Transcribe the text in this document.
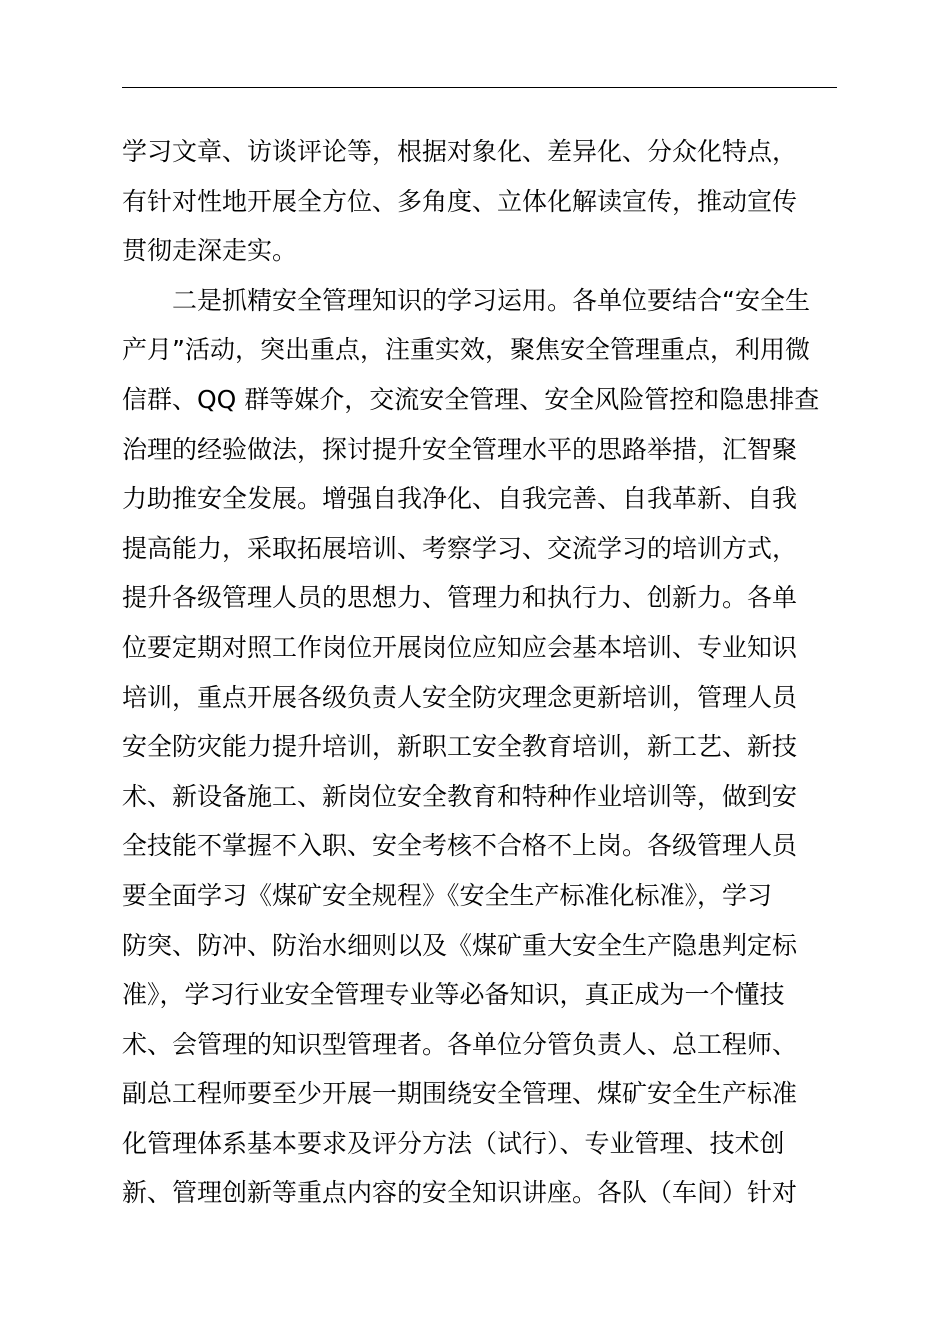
学习文章、访谈评论等，根据对象化、差异化、分众化特点，
有针对性地开展全方位、多角度、立体化解读宣传，推动宣传
贯彻走深走实。
二是抓精安全管理知识的学习运用。各单位要结合“安全生
产月”活动，突出重点，注重实效，聚焦安全管理重点，利用微
信群、QQ 群等媒介，交流安全管理、安全风险管控和隐患排查
治理的经验做法，探讨提升安全管理水平的思路举措，汇智聚
力助推安全发展。增强自我净化、自我完善、自我革新、自我
提高能力，采取拓展培训、考察学习、交流学习的培训方式，
提升各级管理人员的思想力、管理力和执行力、创新力。各单
位要定期对照工作岗位开展岗位应知应会基本培训、专业知识
培训，重点开展各级负责人安全防灾理念更新培训，管理人员
安全防灾能力提升培训，新职工安全教育培训，新工艺、新技
术、新设备施工、新岗位安全教育和特种作业培训等，做到安
全技能不掌握不入职、安全考核不合格不上岗。各级管理人员
要全面学习《煤矿安全规程》《安全生产标准化标准》，学习
防突、防冲、防治水细则以及《煤矿重大安全生产隐患判定标
准》，学习行业安全管理专业等必备知识，真正成为一个懂技
术、会管理的知识型管理者。各单位分管负责人、总工程师、
副总工程师要至少开展一期围绕安全管理、煤矿安全生产标准
化管理体系基本要求及评分方法（试行）、专业管理、技术创
新、管理创新等重点内容的安全知识讲座。各队（车间）针对
